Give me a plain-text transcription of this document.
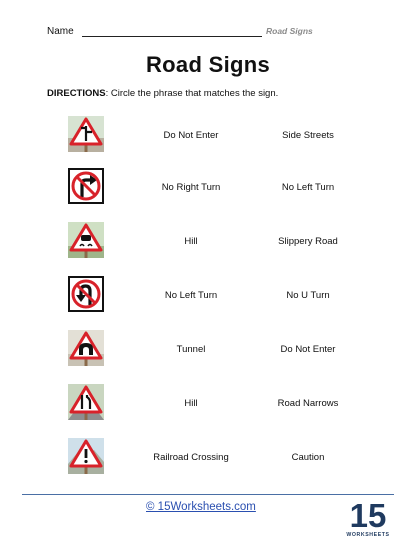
Name	Road Signs
Road Signs
DIRECTIONS: Circle the phrase that matches the sign.
Do Not Enter	Side Streets
No Right Turn	No Left Turn
Hill	Slippery Road
No Left Turn	No U Turn
Tunnel	Do Not Enter
Hill	Road Narrows
Railroad Crossing	Caution
© 15Worksheets.com	15
WORKSHEETS
